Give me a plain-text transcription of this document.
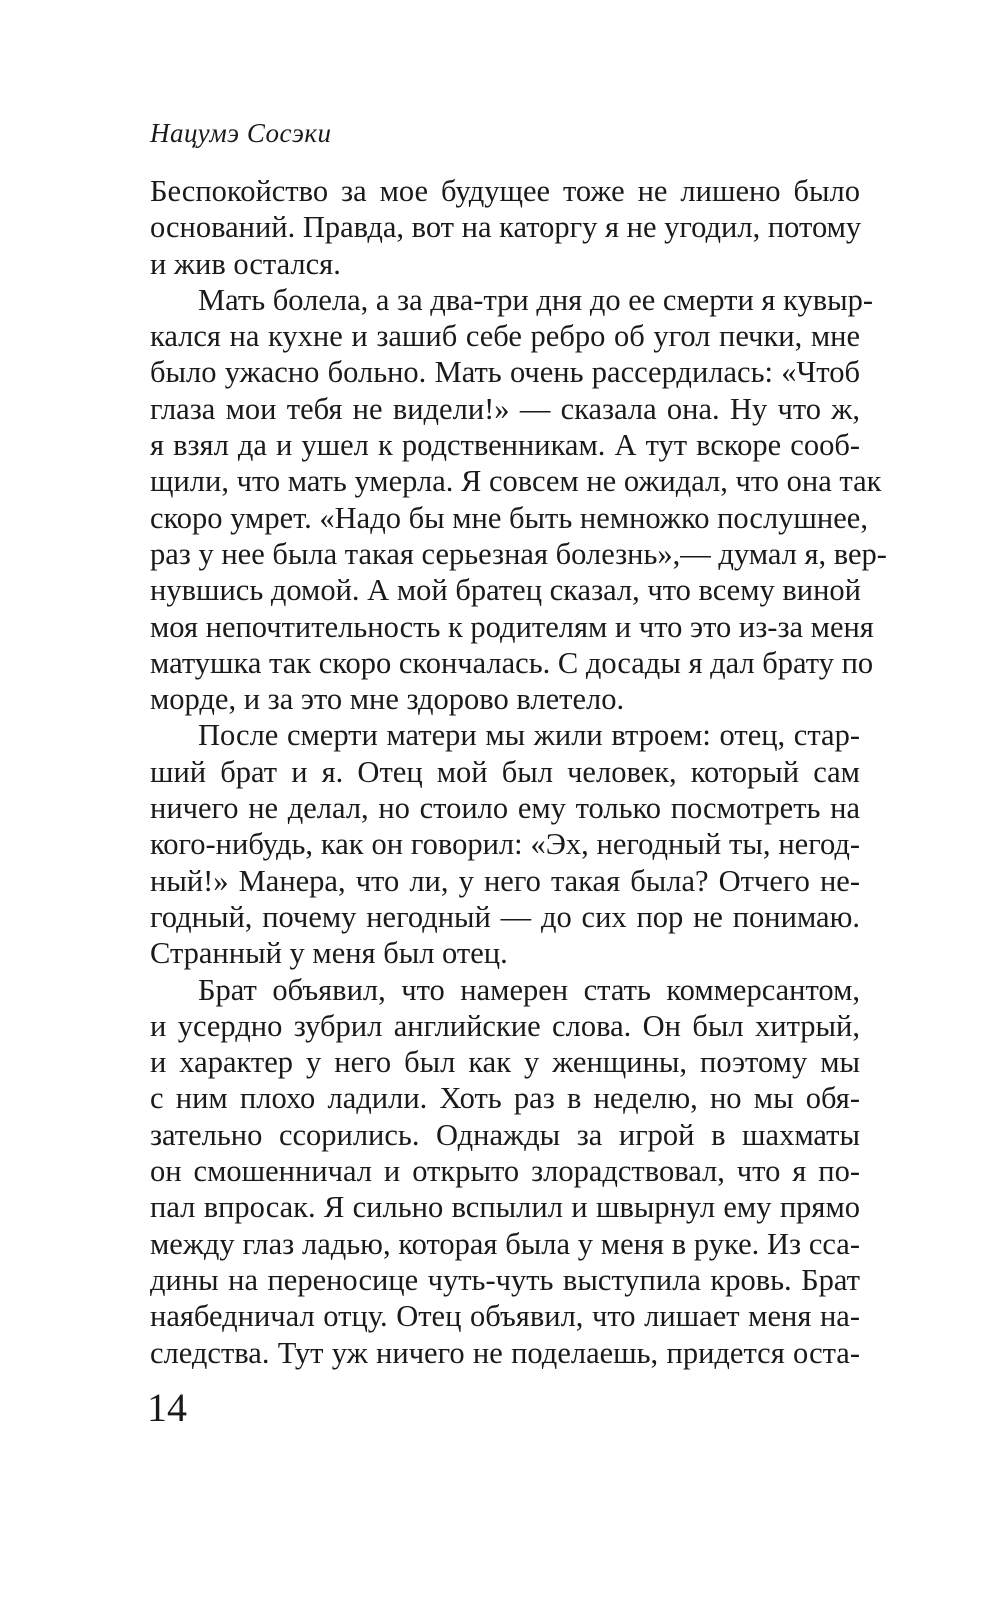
Нацумэ Сосэки
Беспокойство за мое будущее тоже не лишено было
оснований. Правда, вот на каторгу я не угодил, потому
и жив остался.
Мать болела, а за два-три дня до ее смерти я кувыр-
кался на кухне и зашиб себе ребро об угол печки, мне
было ужасно больно. Мать очень рассердилась: «Чтоб
глаза мои тебя не видели!» — сказала она. Ну что ж,
я взял да и ушел к родственникам. А тут вскоре сооб-
щили, что мать умерла. Я совсем не ожидал, что она так
скоро умрет. «Надо бы мне быть немножко послушнее,
раз у нее была такая серьезная болезнь»,— думал я, вер-
нувшись домой. А мой братец сказал, что всему виной
моя непочтительность к родителям и что это из-за меня
матушка так скоро скончалась. С досады я дал брату по
морде, и за это мне здорово влетело.
После смерти матери мы жили втроем: отец, стар-
ший брат и я. Отец мой был человек, который сам
ничего не делал, но стоило ему только посмотреть на
кого-нибудь, как он говорил: «Эх, негодный ты, негод-
ный!» Манера, что ли, у него такая была? Отчего не-
годный, почему негодный — до сих пор не понимаю.
Странный у меня был отец.
Брат объявил, что намерен стать коммерсантом,
и усердно зубрил английские слова. Он был хитрый,
и характер у него был как у женщины, поэтому мы
с ним плохо ладили. Хоть раз в неделю, но мы обя-
зательно ссорились. Однажды за игрой в шахматы
он смошенничал и открыто злорадствовал, что я по-
пал впросак. Я сильно вспылил и швырнул ему прямо
между глаз ладью, которая была у меня в руке. Из сса-
дины на переносице чуть-чуть выступила кровь. Брат
наябедничал отцу. Отец объявил, что лишает меня на-
следства. Тут уж ничего не поделаешь, придется оста-
14
